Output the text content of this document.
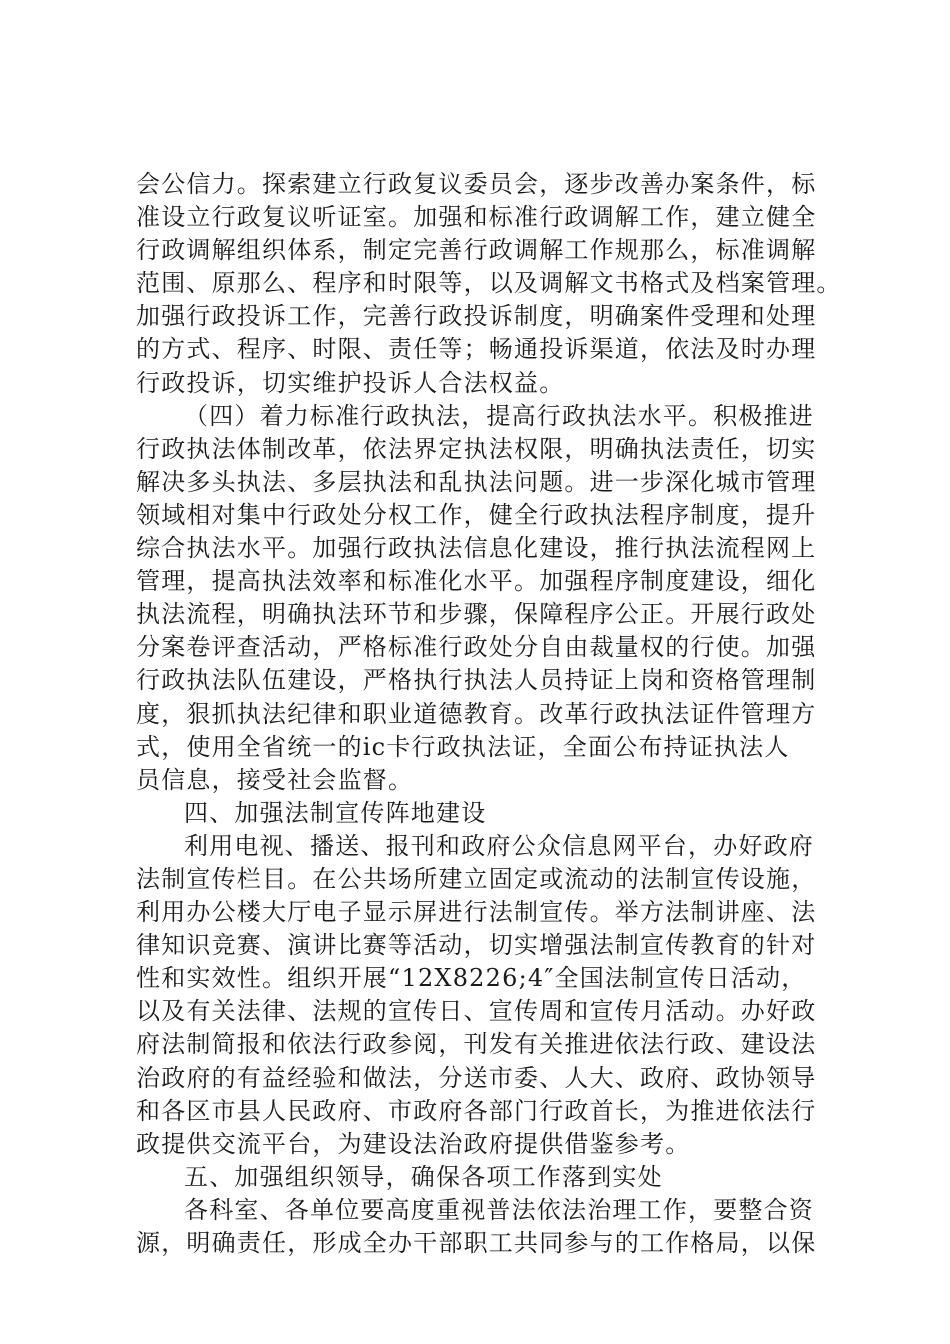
会公信力。探索建立行政复议委员会，逐步改善办案条件，标
准设立行政复议听证室。加强和标准行政调解工作，建立健全
行政调解组织体系，制定完善行政调解工作规那么，标准调解
范围、原那么、程序和时限等，以及调解文书格式及档案管理。
加强行政投诉工作，完善行政投诉制度，明确案件受理和处理
的方式、程序、时限、责任等；畅通投诉渠道，依法及时办理
行政投诉，切实维护投诉人合法权益。
（四）着力标准行政执法，提高行政执法水平。积极推进
行政执法体制改革，依法界定执法权限，明确执法责任，切实
解决多头执法、多层执法和乱执法问题。进一步深化城市管理
领域相对集中行政处分权工作，健全行政执法程序制度，提升
综合执法水平。加强行政执法信息化建设，推行执法流程网上
管理，提高执法效率和标准化水平。加强程序制度建设，细化
执法流程，明确执法环节和步骤，保障程序公正。开展行政处
分案卷评查活动，严格标准行政处分自由裁量权的行使。加强
行政执法队伍建设，严格执行执法人员持证上岗和资格管理制
度，狠抓执法纪律和职业道德教育。改革行政执法证件管理方
式，使用全省统一的ic卡行政执法证，全面公布持证执法人
员信息，接受社会监督。
四、加强法制宣传阵地建设
利用电视、播送、报刊和政府公众信息网平台，办好政府
法制宣传栏目。在公共场所建立固定或流动的法制宣传设施，
利用办公楼大厅电子显示屏进行法制宣传。举方法制讲座、法
律知识竞赛、演讲比赛等活动，切实增强法制宣传教育的针对
性和实效性。组织开展“12X8226;4″全国法制宣传日活动，
以及有关法律、法规的宣传日、宣传周和宣传月活动。办好政
府法制简报和依法行政参阅，刊发有关推进依法行政、建设法
治政府的有益经验和做法，分送市委、人大、政府、政协领导
和各区市县人民政府、市政府各部门行政首长，为推进依法行
政提供交流平台，为建设法治政府提供借鉴参考。
五、加强组织领导，确保各项工作落到实处
各科室、各单位要高度重视普法依法治理工作，要整合资
源，明确责任，形成全办干部职工共同参与的工作格局，以保
